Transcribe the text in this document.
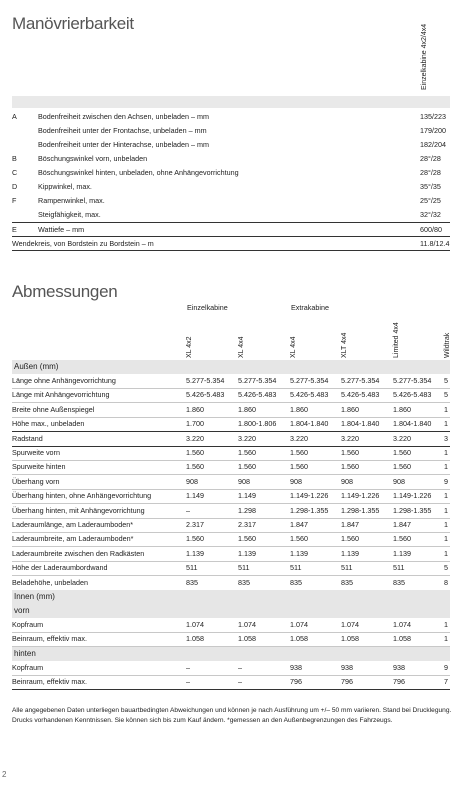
Manövrierbarkeit
Einzelkabine 4x2/4x4
A	Bodenfreiheit zwischen den Achsen, unbeladen – mm	135/223
Bodenfreiheit unter der Frontachse, unbeladen – mm	179/200
Bodenfreiheit unter der Hinterachse, unbeladen – mm	182/204
B	Böschungswinkel vorn, unbeladen	28°/28
C	Böschungswinkel hinten, unbeladen, ohne Anhängevorrichtung	28°/28
D	Kippwinkel, max.	35°/35
F	Rampenwinkel, max.	25°/25
Steigfähigkeit, max.	32°/32
E	Wattiefe – mm	600/80
Wendekreis, von Bordstein zu Bordstein – m	11.8/12.4
Abmessungen
Einzelkabine	Extrakabine
XL 4x2	XL 4x4	XL 4x4	XLT 4x4	Limited 4x4	Wildtrak
Außen (mm)
Länge ohne Anhängevorrichtung	5.277-5.354 5.277-5.354 5.277-5.354 5.277-5.354 5.277-5.354 5
Länge mit Anhängevorrichtung	5.426-5.483 5.426-5.483 5.426-5.483 5.426-5.483 5.426-5.483 5
Breite ohne Außenspiegel	1.860	1.860	1.860	1.860	1.860	1
Höhe max., unbeladen	1.700	1.800-1.806 1.804-1.840 1.804-1.840 1.804-1.840 1
Radstand	3.220	3.220	3.220	3.220	3.220	3
Spurweite vorn	1.560	1.560	1.560	1.560	1.560	1
Spurweite hinten	1.560	1.560	1.560	1.560	1.560	1
Überhang vorn	908	908	908	908	908	9
Überhang hinten, ohne Anhängevorrichtung	1.149	1.149	1.149-1.226 1.149-1.226 1.149-1.226 1
Überhang hinten, mit Anhängevorrichtung	–	1.298	1.298-1.355 1.298-1.355 1.298-1.355 1
Laderaumlänge, am Laderaumboden*	2.317	2.317	1.847	1.847	1.847	1
Laderaumbreite, am Laderaumboden*	1.560	1.560	1.560	1.560	1.560	1
Laderaumbreite zwischen den Radkästen	1.139	1.139	1.139	1.139	1.139	1
Höhe der Laderaumbordwand	511	511	511	511	511	5
Beladehöhe, unbeladen	835	835	835	835	835	8
Innen (mm)
vorn
Kopfraum	1.074	1.074	1.074	1.074	1.074	1
Beinraum, effektiv max.	1.058	1.058	1.058	1.058	1.058	1
hinten
Kopfraum	–	–	938	938	938	9
Beinraum, effektiv max.	–	–	796	796	796	7
Alle angegebenen Daten unterliegen bauartbedingten Abweichungen und können je nach Ausführung um +/– 50 mm variieren. Stand bei Drucklegung. Drucks vorhandenen Kenntnissen. Sie können sich bis zum Kauf ändern. *gemessen an den Außenbegrenzungen des Fahrzeugs.
2
